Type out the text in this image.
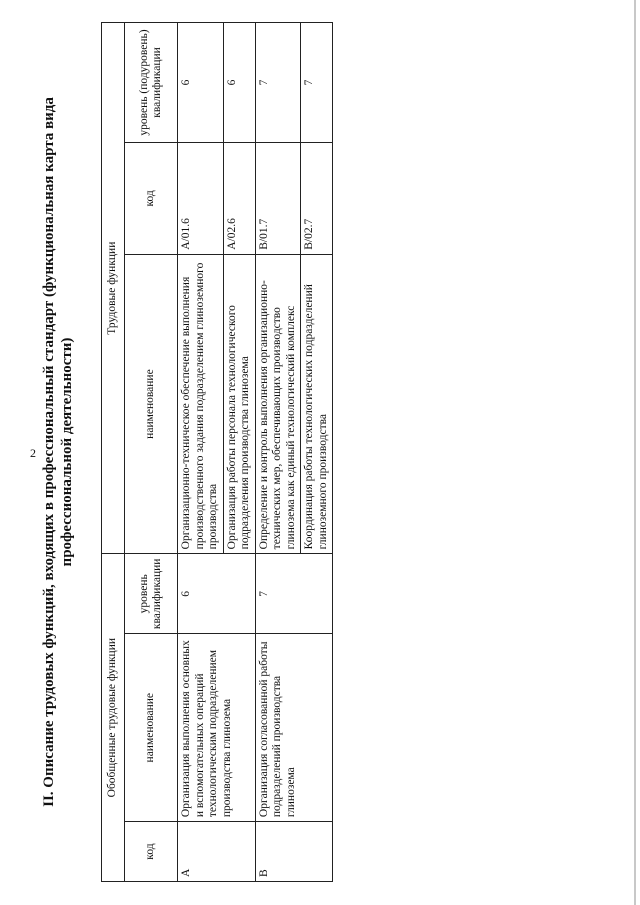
2 II. Описание трудовых функций, входящих в профессиональный стандарт (функциональная карта вида профессиональной деятельности)
Обобщенные трудовые функции			Трудовые функции		
код	наименование	уровень квалификации	наименование	код	уровень (подуровень) квалификации
A	Организация выполнения основных и вспомогательных операций технологическим подразделением производства глинозема	6	Организационно-техническое обеспечение выполнения производственного задания подразделением глиноземного производства	A/01.6	6
			Организация работы персонала технологического подразделения производства глинозема	A/02.6	6
B	Организация согласованной работы подразделений производства глинозема	7	Определение и контроль выполнения организационно-технических мер, обеспечивающих производство глинозема как единый технологический комплекс	B/01.7	7
			Координация работы технологических подразделений глиноземного производства	B/02.7	7
